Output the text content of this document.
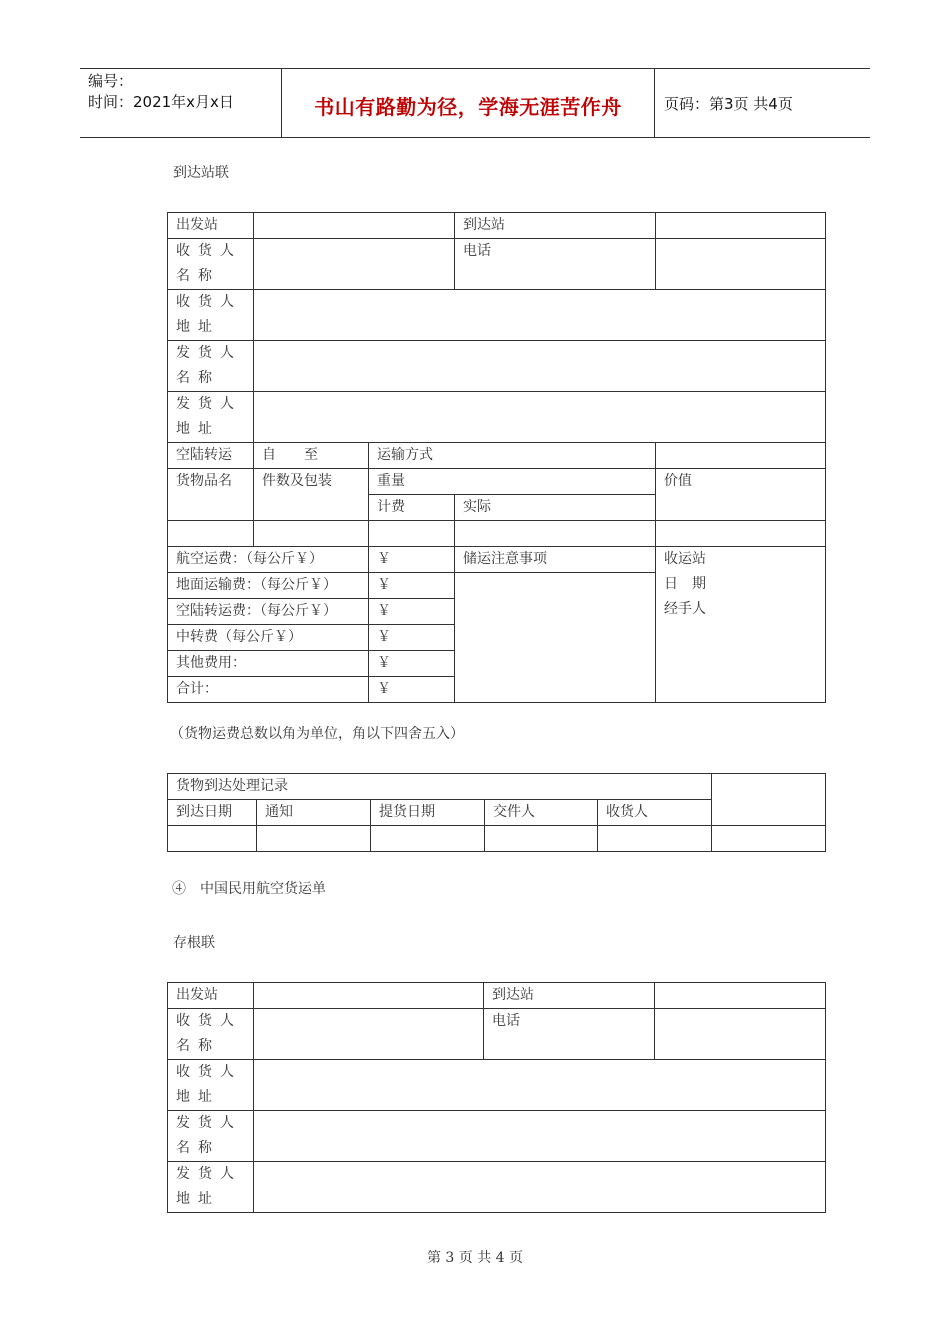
编号：
时间：2021年x月x日	书山有路勤为径，学海无涯苦作舟	页码：第3页 共4页
到达站联
出发站			到达站	
收货人名称			电话	
收货人地址				
发货人名称				
发货人地址				
空陆转运	自　　至	运输方式		
货物品名	件数及包装	重量		价值
		计费	实际	

航空运费：（每公斤￥）		￥	储运注意事项	收运站
日　期
经手人

地面运输费：（每公斤￥）		￥		
空陆转运费：（每公斤￥）		￥		
中转费（每公斤￥）		￥		
其他费用：		￥		
合计：		￥		
（货物运费总数以角为单位，角以下四舍五入）
货物到达处理记录					
到达日期	通知	提货日期	交件人	收货人	

④　中国民用航空货运单
存根联
出发站		到达站	
收货人名称		电话	
收货人地址			
发货人名称			
发货人地址			
第 3 页 共 4 页
